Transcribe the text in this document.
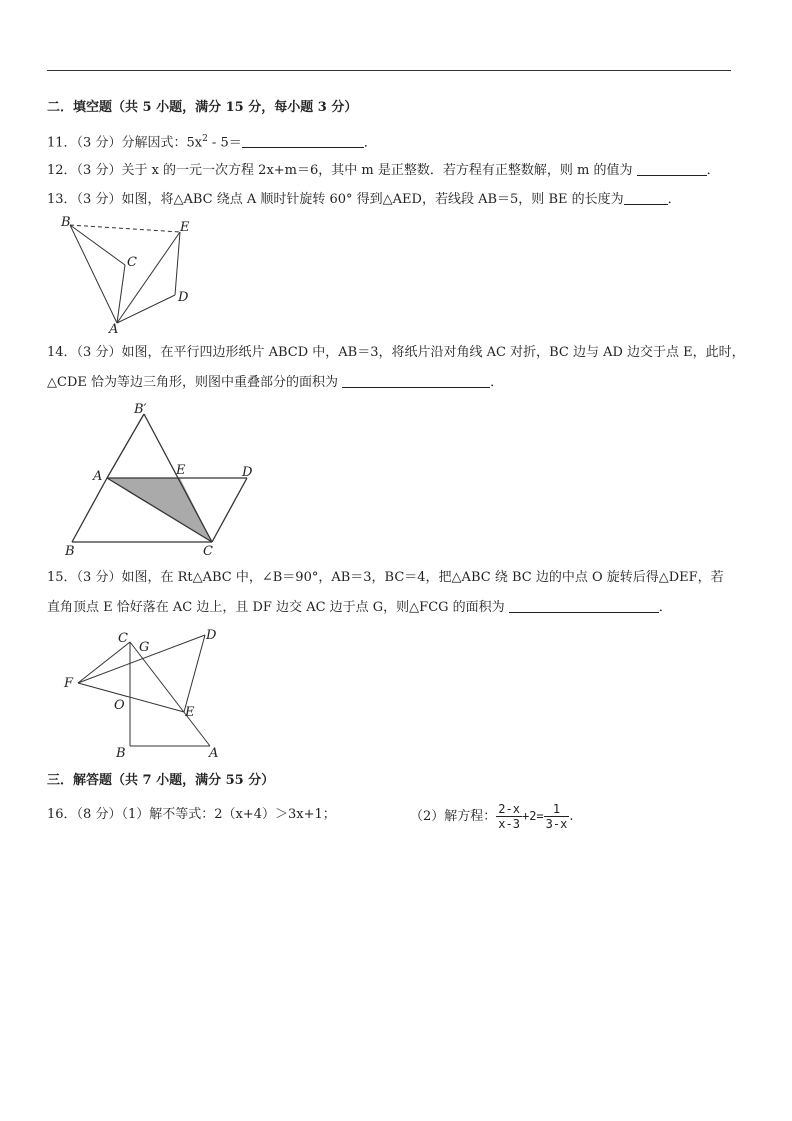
二．填空题（共 5 小题，满分 15 分，每小题 3 分）
11．（3 分）分解因式：$5x^2 - 5=$	．
12．（3 分）关于 x 的一元一次方程 2x+m＝6，其中 m 是正整数．若方程有正整数解，则 m 的值为	．
13．（3 分）如图，将△ABC 绕点 A 顺时针旋转 60° 得到△AED，若线段 AB＝5，则 BE 的长度为	．
B	E
C
D
A
14．（3 分）如图，在平行四边形纸片 ABCD 中，AB＝3，将纸片沿对角线 AC 对折，BC 边与 AD 边交于点 E，此时，
△CDE 恰为等边三角形，则图中重叠部分的面积为	．
B′
A	E	D
B	C
15．（3 分）如图，在 Rt△ABC 中，∠B＝90°，AB＝3，BC＝4，把△ABC 绕 BC 边的中点 O 旋转后得△DEF，若
直角顶点 E 恰好落在 AC 边上，且 DF 边交 AC 边于点 G，则△FCG 的面积为	．
C
G
D
F
O	E
B	A
三．解答题（共 7 小题，满分 55 分）
16．（8 分）（1）解不等式：2（x+4）＞3x+1；	（2）解方程： $\frac{2-x}{x-3} +2= \frac{1}{3-x}$ .
